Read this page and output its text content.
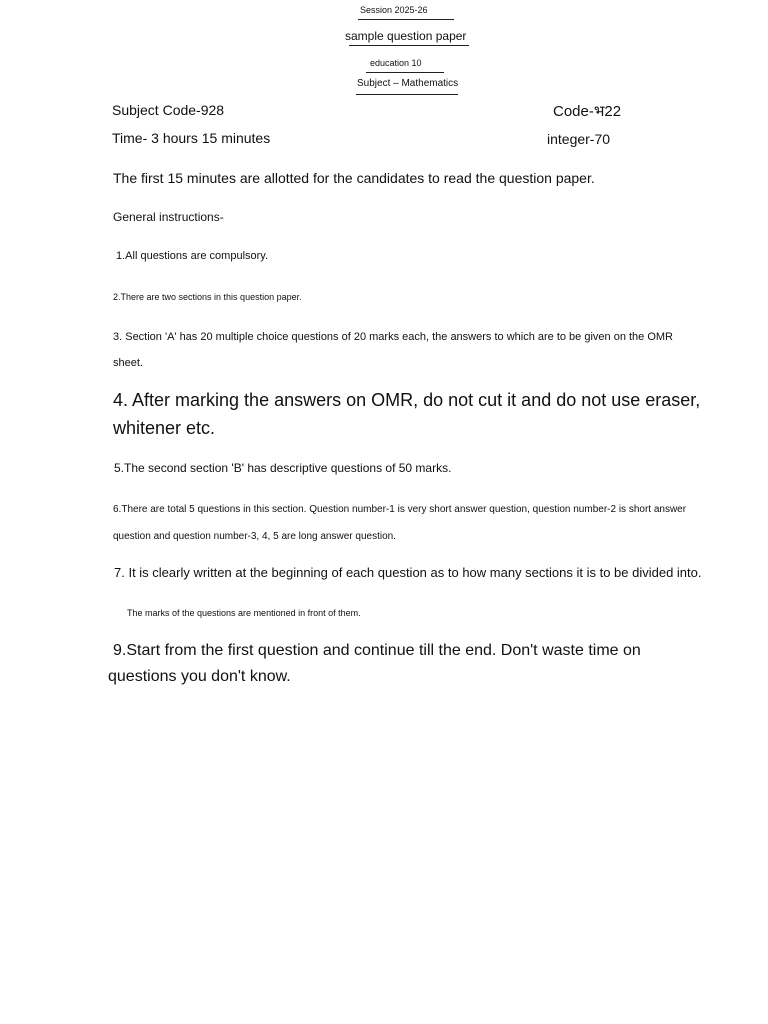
Session 2025-26
sample question paper
education 10
Subject – Mathematics
Subject Code-928	Code-भ22
Time- 3 hours 15 minutes	integer-70
The first 15 minutes are allotted for the candidates to read the question paper.
General instructions-
1.All questions are compulsory.
2.There are two sections in this question paper.
3. Section 'A' has 20 multiple choice questions of 20 marks each, the answers to which are to be given on the OMR sheet.
4. After marking the answers on OMR, do not cut it and do not use eraser, whitener etc.
5.The second section 'B' has descriptive questions of 50 marks.
6.There are total 5 questions in this section. Question number-1 is very short answer question, question number-2 is short answer question and question number-3, 4, 5 are long answer question.
7. It is clearly written at the beginning of each question as to how many sections it is to be divided into.
The marks of the questions are mentioned in front of them.
9.Start from the first question and continue till the end. Don't waste time on questions you don't know.
